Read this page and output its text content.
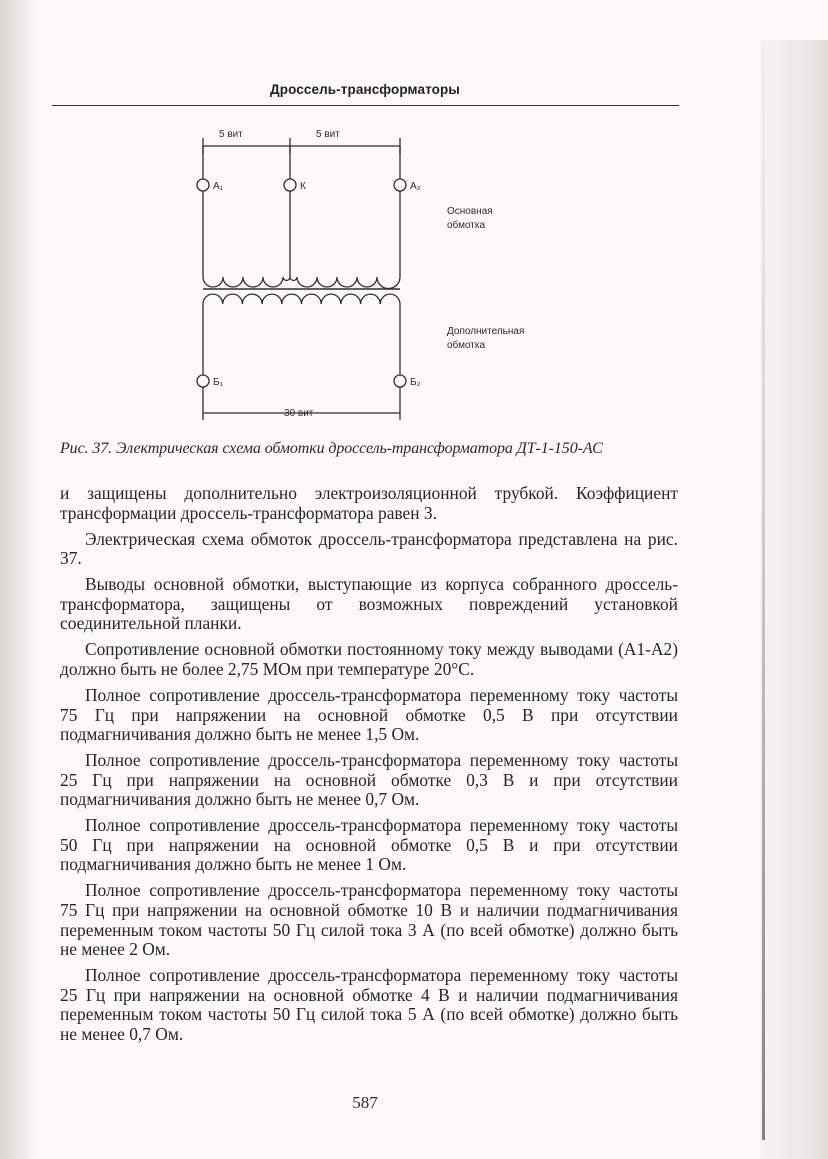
Дроссель-трансформаторы
5 вит	5 вит
30 вит
А₁	К	А₂
Б₁	Б₂
Основная
обмотка
Дополнительная
обмотка
Рис. 37. Электрическая схема обмотки дроссель-трансформатора ДТ-1-150-АС

и защищены дополнительно электроизоляционной трубкой. Коэффициент трансформации дроссель-трансформатора равен 3.

Электрическая схема обмоток дроссель-трансформатора представлена на рис. 37.

Выводы основной обмотки, выступающие из корпуса собранного дроссель-трансформатора, защищены от возможных повреждений установкой соединительной планки.

Сопротивление основной обмотки постоянному току между выводами (А1-А2) должно быть не более 2,75 МОм при температуре 20°С.

Полное сопротивление дроссель-трансформатора переменному току частоты 75 Гц при напряжении на основной обмотке 0,5 В при отсутствии подмагничивания должно быть не менее 1,5 Ом.

Полное сопротивление дроссель-трансформатора переменному току частоты 25 Гц при напряжении на основной обмотке 0,3 В и при отсутствии подмагничивания должно быть не менее 0,7 Ом.

Полное сопротивление дроссель-трансформатора переменному току частоты 50 Гц при напряжении на основной обмотке 0,5 В и при отсутствии подмагничивания должно быть не менее 1 Ом.

Полное сопротивление дроссель-трансформатора переменному току частоты 75 Гц при напряжении на основной обмотке 10 В и наличии подмагничивания переменным током частоты 50 Гц силой тока 3 А (по всей обмотке) должно быть не менее 2 Ом.

Полное сопротивление дроссель-трансформатора переменному току частоты 25 Гц при напряжении на основной обмотке 4 В и наличии подмагничивания переменным током частоты 50 Гц силой тока 5 А (по всей обмотке) должно быть не менее 0,7 Ом.

587
